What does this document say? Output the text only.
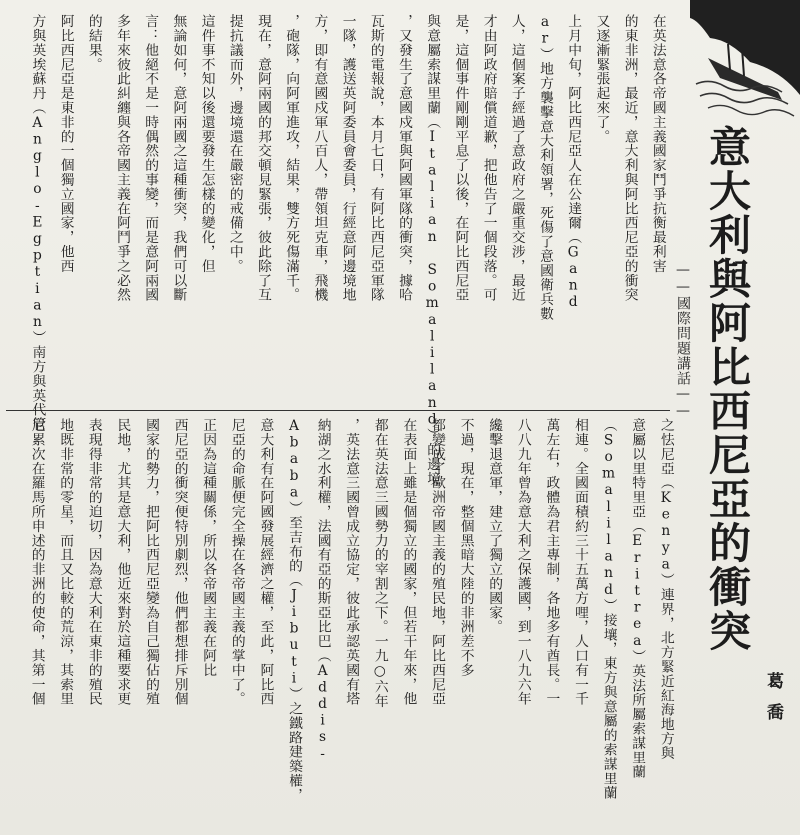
意大利與阿比西尼亞的衝突
——國際問題講話——
葛喬
在英法意各帝國主義國家鬥爭抗衡最利害
的東非洲，最近，意大利與阿比西尼亞的衝突
又逐漸緊張起來了。
上月中旬，阿比西尼亞人在公達爾（Gand
ar）地方襲擊意大利領署，死傷了意國衛兵數
人，這個案子經過了意政府之嚴重交涉，最近
才由阿政府賠償道歉，把他告了一個段落。可
是，這個事件剛剛平息了以後，在阿比西尼亞
與意屬索謀里蘭（Italian Somaliland）的邊境
，又發生了意國戍軍與阿國軍隊的衝突，據哈
瓦斯的電報說，本月七日，有阿比西尼亞軍隊
一隊，護送英阿委員會委員，行經意阿邊境地
方，即有意國戍軍八百人，帶領坦克車，飛機
，砲隊，向阿軍進攻，結果，雙方死傷滿千。
現在，意阿兩國的邦交頓見緊張，彼此除了互
提抗議而外，邊境還在嚴密的戒備之中。
這件事不知以後還要發生怎樣的變化，但
無論如何，意阿兩國之這種衝突，我們可以斷
言：他絕不是一時偶然的事變，而是意阿兩國
多年來彼此糾纏與各帝國主義在阿鬥爭之必然
的結果。
阿比西尼亞是東非的一個獨立國家，他西
方與英埃蘇丹（Anglo-Egptian）南方與英代管
之怯尼亞（Kenya）連界，北方緊近紅海地方與
意屬以里特里亞（Eritrea）英法所屬索謀里蘭
（Somaliland）接壤，東方與意屬的索謀里蘭
相連。全國面積約三十五萬方哩，人口有一千
萬左右，政體為君主專制，各地多有酋長。一
八八九年曾為意大利之保護國，到一八九六年
纔擊退意軍，建立了獨立的國家。
不過，現在，整個黑暗大陸的非洲差不多
都變成了歐洲帝國主義的殖民地，阿比西尼亞
在表面上雖是個獨立的國家，但若干年來，他
都在英法意三國勢力的宰割之下。一九○六年
，英法意三國曾成立協定，彼此承認英國有塔
納湖之水利權，法國有亞的斯亞比巴（Addis-
Ababa）至吉布的（Jibuti）之鐵路建築權，
意大利有在阿國發展經濟之權，至此，阿比西
尼亞的命脈便完全操在各帝國主義的掌中了。
正因為這種關係，所以各帝國主義在阿比
西尼亞的衝突便特別劇烈，他們都想排斥別個
國家的勢力，把阿比西尼亞變為自己獨佔的殖
民地，尤其是意大利，他近來對於這種要求更
表現得非常的迫切，因為意大利在東非的殖民
地既非常的零星，而且又比較的荒涼，其索里
尼累次在羅馬所申述的非洲的使命，其第一個
